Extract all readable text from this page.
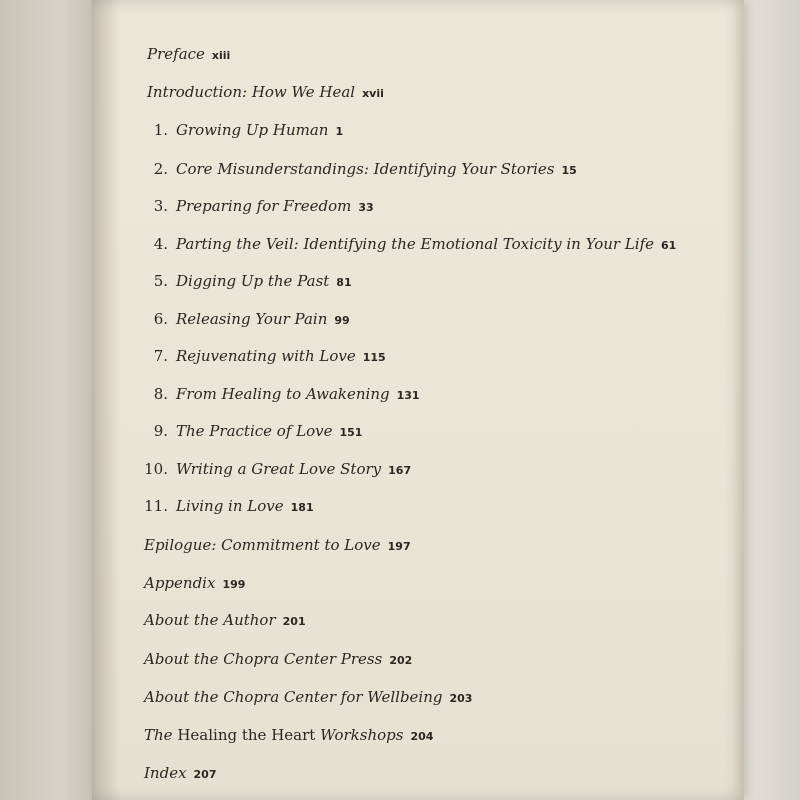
Preface xiii
Introduction: How We Heal xvii
1. Growing Up Human 1
2. Core Misunderstandings: Identifying Your Stories 15
3. Preparing for Freedom 33
4. Parting the Veil: Identifying the Emotional Toxicity in Your Life 61
5. Digging Up the Past 81
6. Releasing Your Pain 99
7. Rejuvenating with Love 115
8. From Healing to Awakening 131
9. The Practice of Love 151
10. Writing a Great Love Story 167
11. Living in Love 181
Epilogue: Commitment to Love 197
Appendix 199
About the Author 201
About the Chopra Center Press 202
About the Chopra Center for Wellbeing 203
The Healing the Heart Workshops 204
Index 207
